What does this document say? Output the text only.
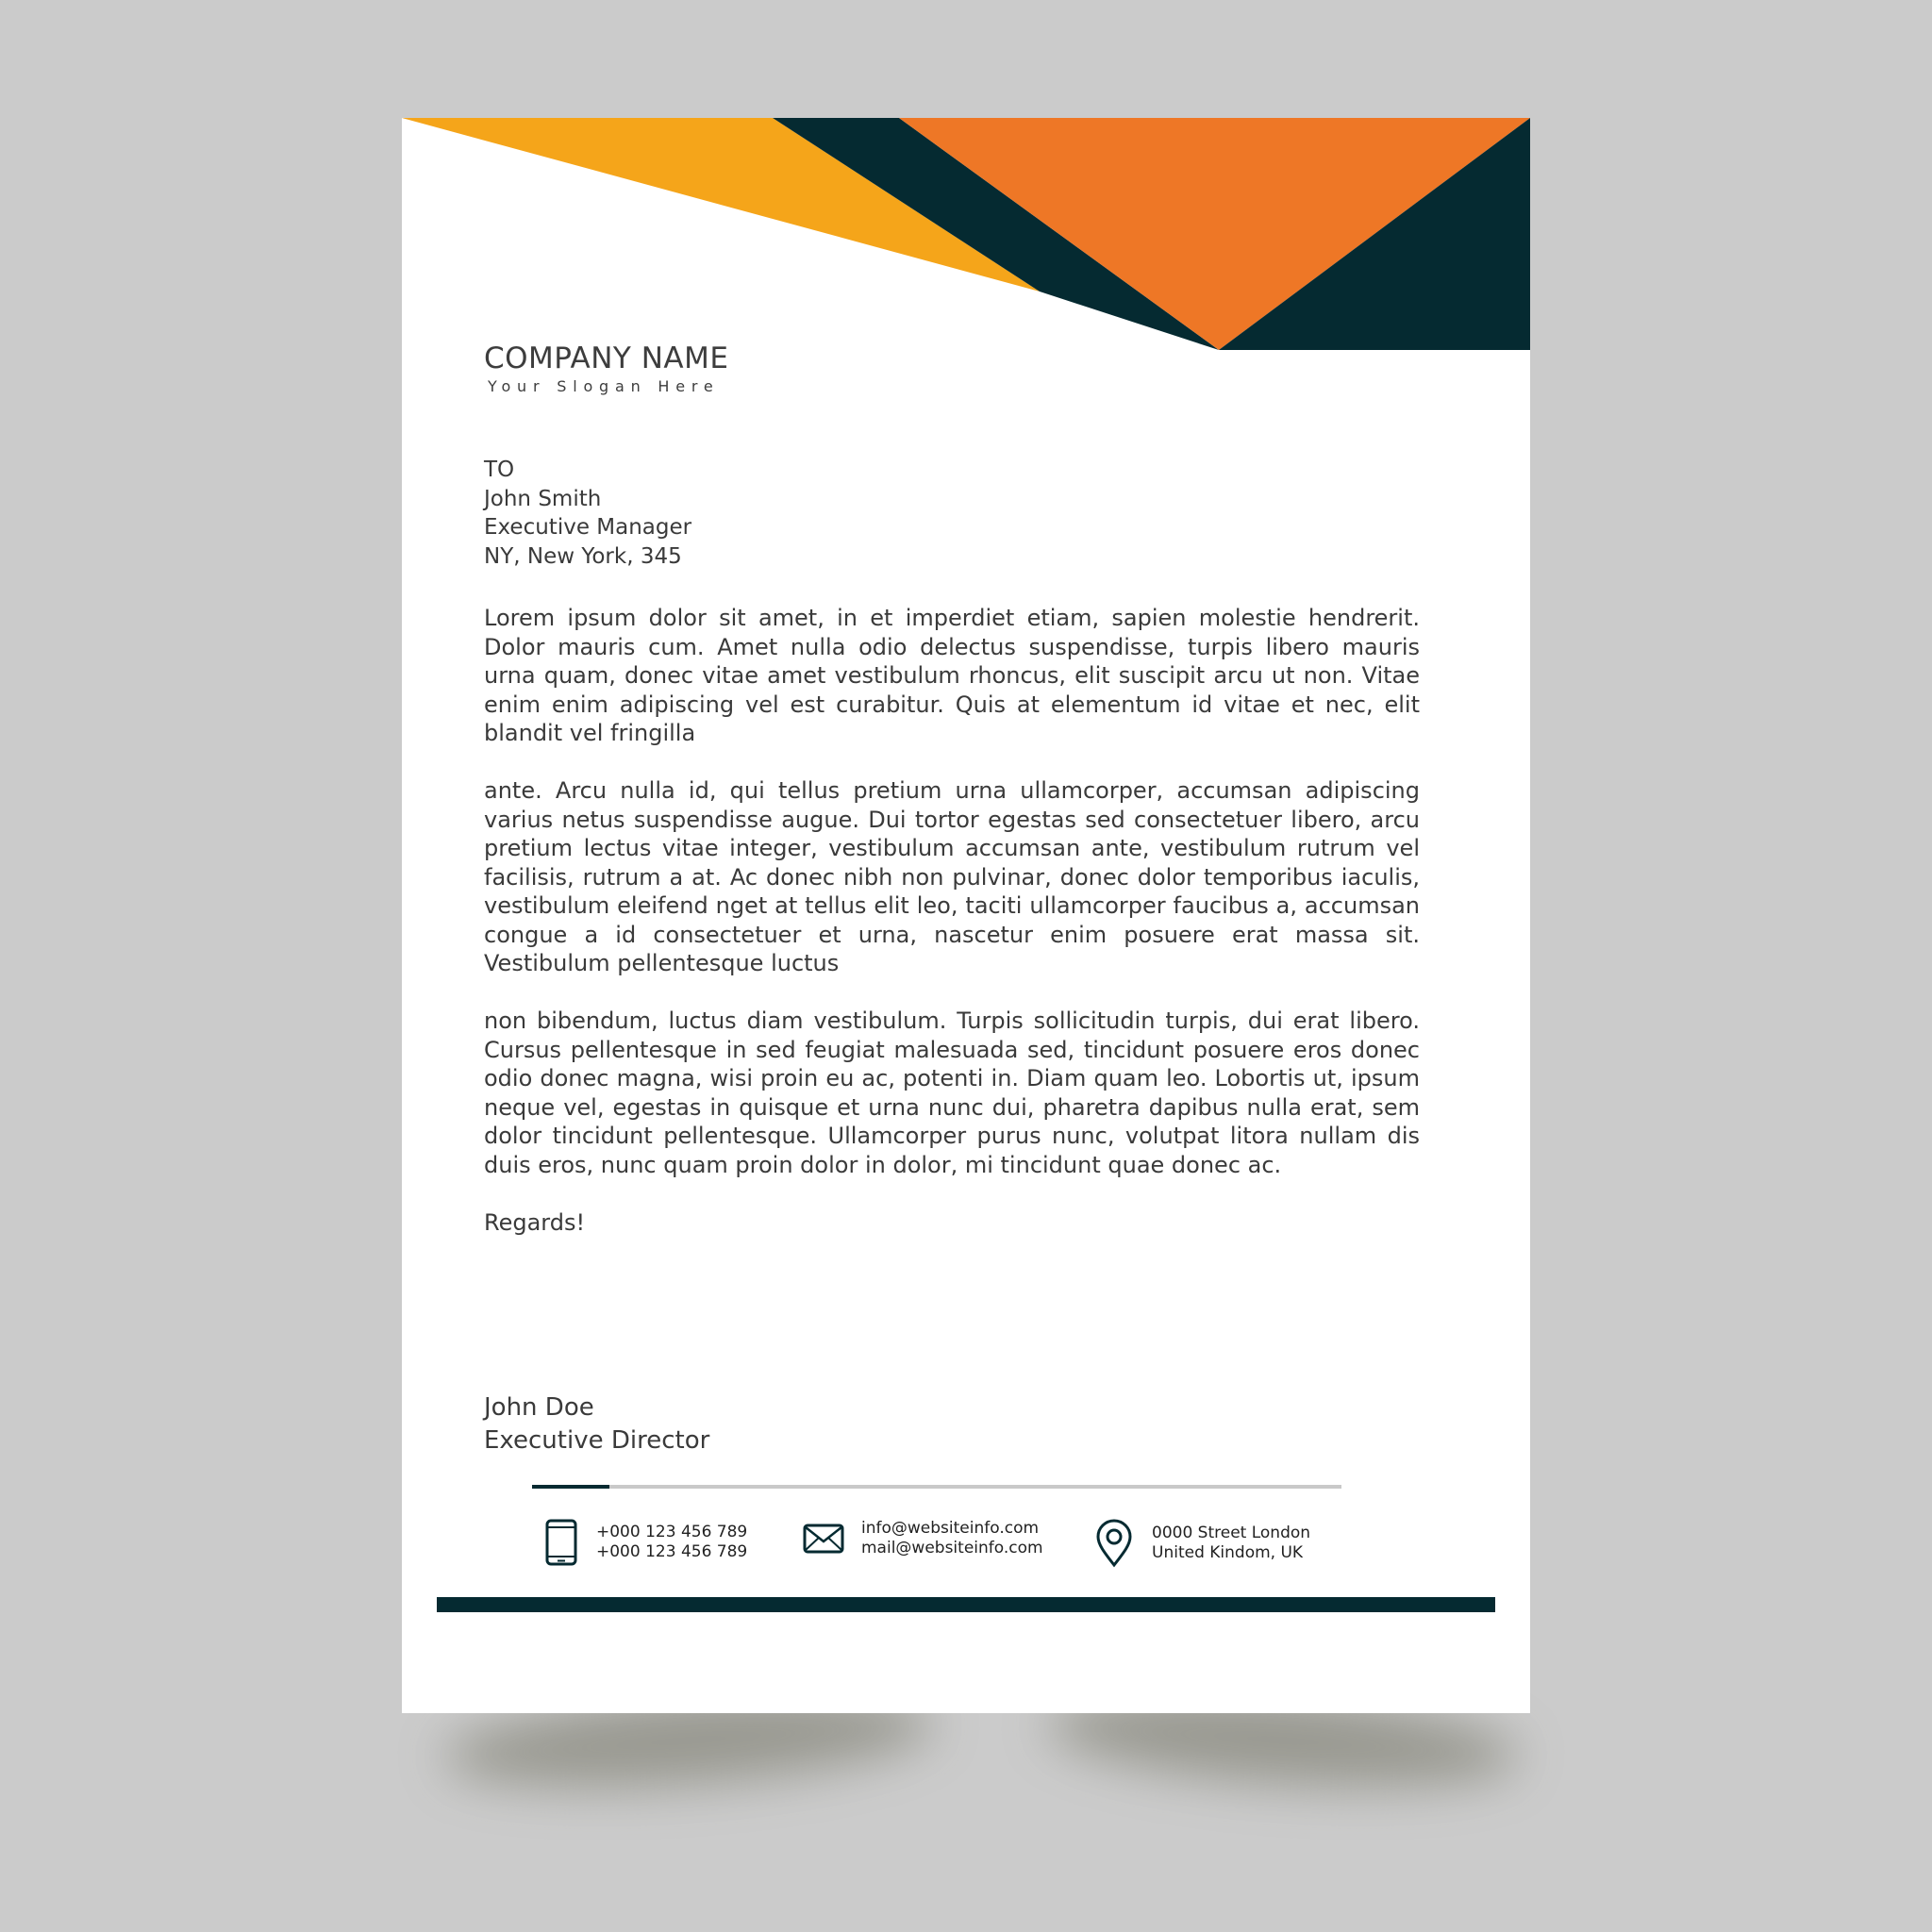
COMPANY NAME
Your Slogan Here
TO
John Smith
Executive Manager
NY, New York, 345

Lorem ipsum dolor sit amet, in et imperdiet etiam, sapien molestie hendrerit. Dolor mauris cum. Amet nulla odio delectus suspendisse, turpis libero mauris urna quam, donec vitae amet vestibulum rhoncus, elit suscipit arcu ut non. Vitae enim enim adipiscing vel est curabitur. Quis at elementum id vitae et nec, elit blandit vel fringilla

ante. Arcu nulla id, qui tellus pretium urna ullamcorper, accumsan adipiscing varius netus suspendisse augue. Dui tortor egestas sed consectetuer libero, arcu pretium lectus vitae integer, vestibulum accumsan ante, vestibulum rutrum vel facilisis, rutrum a at. Ac donec nibh non pulvinar, donec dolor temporibus iaculis, vestibulum eleifend nget at tellus elit leo, taciti ullamcorper faucibus a, accumsan congue a id consectetuer et urna, nascetur enim posuere erat massa sit. Vestibulum pellentesque luctus

non bibendum, luctus diam vestibulum. Turpis sollicitudin turpis, dui erat libero. Cursus pellentesque in sed feugiat malesuada sed, tincidunt posuere eros donec odio donec magna, wisi proin eu ac, potenti in. Diam quam leo. Lobortis ut, ipsum neque vel, egestas in quisque et urna nunc dui, pharetra dapibus nulla erat, sem dolor tincidunt pellentesque. Ullamcorper purus nunc, volutpat litora nullam dis duis eros, nunc quam proin dolor in dolor, mi tincidunt quae donec ac.

Regards!

John Doe
Executive Director
+000 123 456 789
+000 123 456 789
info@websiteinfo.com
mail@websiteinfo.com
0000 Street London
United Kindom, UK
